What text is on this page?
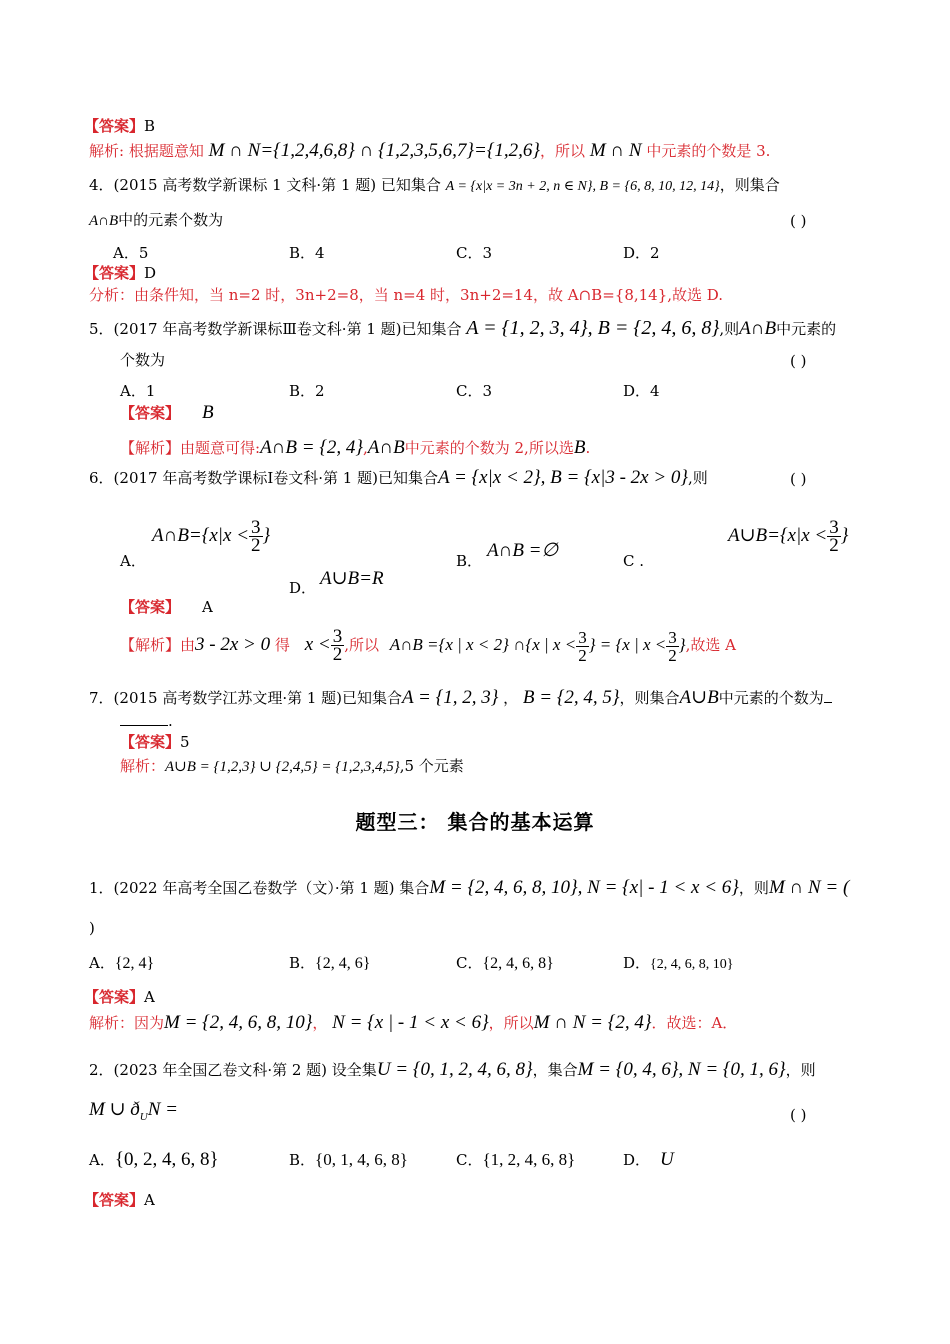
【答案】B
解析: 根据题意知 M ∩ N={1,2,4,6,8} ∩ {1,2,3,5,6,7}={1,2,6}，所以 M ∩ N 中元素的个数是 3.
4．(2015 高考数学新课标 1 文科·第 1 题) 已知集合 A = {x|x = 3n + 2, n ∈ N}, B = {6, 8, 10, 12, 14}，则集合
A∩B中的元素个数为	( )
A．5	B．4	C．3	D．2
【答案】D
分析：由条件知，当 n=2 时，3n+2=8，当 n=4 时，3n+2=14，故 A∩B={8,14},故选 D.
5．(2017 年高考数学新课标Ⅲ卷文科·第 1 题)已知集合 A = {1, 2, 3, 4}, B = {2, 4, 6, 8},则A∩B中元素的
个数为	( )
A．1	B．2	C．3	D．4
【答案】 B
【解析】由题意可得:A∩B = {2, 4},A∩B中元素的个数为 2,所以选B.
6．(2017 年高考数学课标Ⅰ卷文科·第 1 题)已知集合A = {x|x < 2}, B = {x|3 - 2x > 0},则	( )
A．
A∩B={x|x < $\frac{3}{2}$ }
B． A∩B =∅	C .
A∪B={x|x < $\frac{3}{2}$ }
D． A∪B=R
【答案】 A
【解析】由3 - 2x > 0 得 $x < \frac{3}{2}$ ,所以 A∩B ={x | x < 2} ∩{x | $x < \frac{3}{2}$ } = {x | $x < \frac{3}{2}$ },故选 A
7．(2015 高考数学江苏文理·第 1 题)已知集合A = {1, 2, 3} ， B = {2, 4, 5}，则集合A∪B中元素的个数为
.
【答案】5
解析：A∪B = {1,2,3} ∪ {2,4,5} = {1,2,3,4,5},5 个元素
题型三： 集合的基本运算
1．(2022 年高考全国乙卷数学（文）·第 1 题) 集合M = {2, 4, 6, 8, 10}, N = {x| - 1 < x < 6}，则M ∩ N = (
)
A．{2, 4}	B．{2, 4, 6}	C．{2, 4, 6, 8}	D．{2, 4, 6, 8, 10}
【答案】A
解析：因为M = {2, 4, 6, 8, 10}， N = {x | - 1 < x < 6}，所以M ∩ N = {2, 4}．故选：A．
2．(2023 年全国乙卷文科·第 2 题) 设全集U = {0, 1, 2, 4, 6, 8}，集合M = {0, 4, 6}, N = {0, 1, 6}，则
M ∪ $ð_UN$ =	( )
A．{0, 2, 4, 6, 8}	B．{0, 1, 4, 6, 8}	C．{1, 2, 4, 6, 8}	D． U
【答案】A
